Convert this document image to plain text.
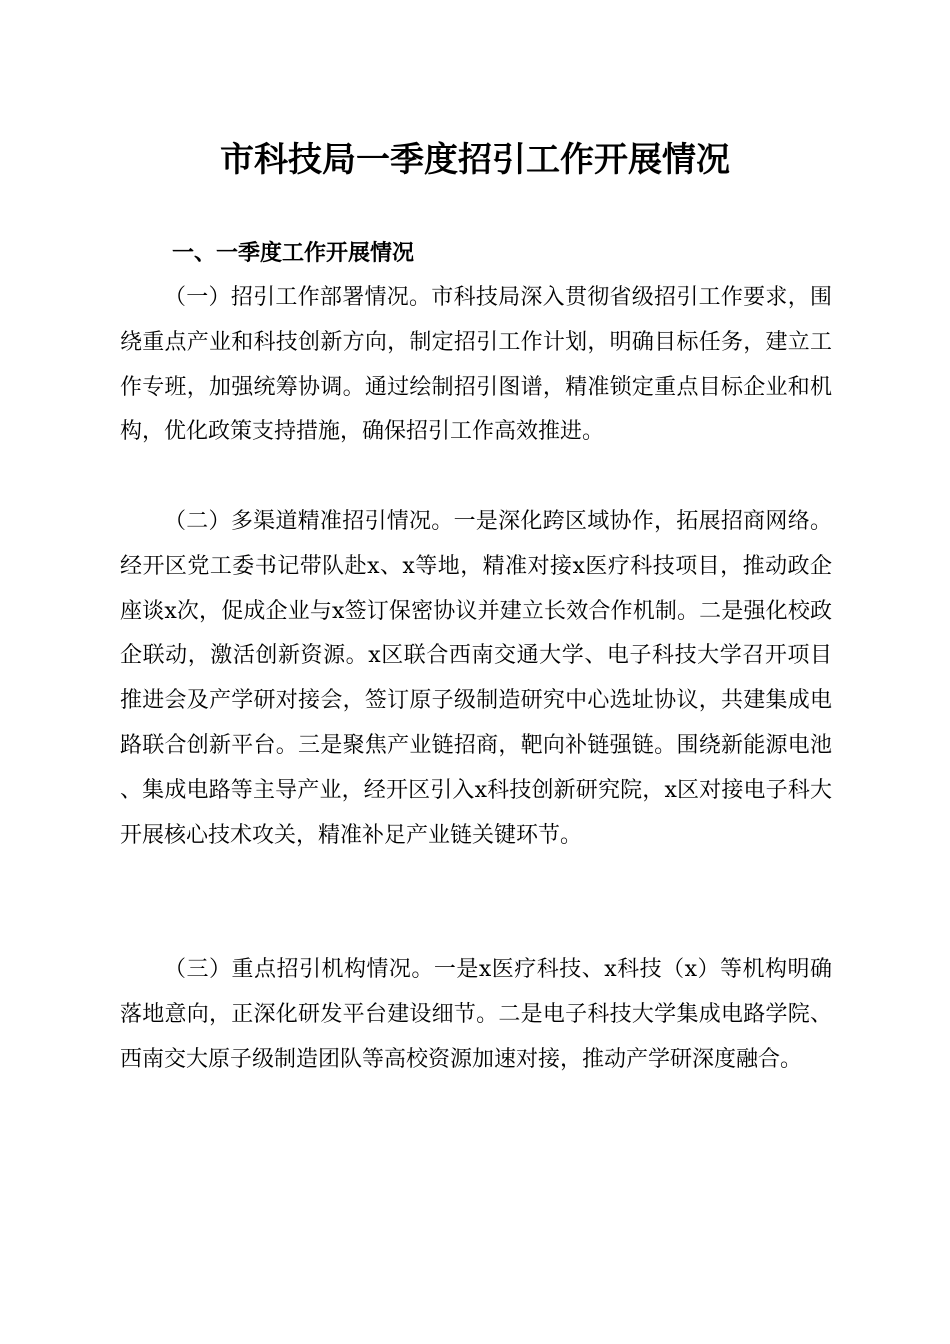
市科技局一季度招引工作开展情况
一、一季度工作开展情况

（一）招引工作部署情况。市科技局深入贯彻省级招引工作要求，围绕重点产业和科技创新方向，制定招引工作计划，明确目标任务，建立工作专班，加强统筹协调。通过绘制招引图谱，精准锁定重点目标企业和机构，优化政策支持措施，确保招引工作高效推进。

（二）多渠道精准招引情况。一是深化跨区域协作，拓展招商网络。经开区党工委书记带队赴x、x等地，精准对接x医疗科技项目，推动政企座谈x次，促成企业与x签订保密协议并建立长效合作机制。二是强化校政企联动，激活创新资源。x区联合西南交通大学、电子科技大学召开项目推进会及产学研对接会，签订原子级制造研究中心选址协议，共建集成电路联合创新平台。三是聚焦产业链招商，靶向补链强链。围绕新能源电池、集成电路等主导产业，经开区引入x科技创新研究院，x区对接电子科大开展核心技术攻关，精准补足产业链关键环节。

（三）重点招引机构情况。一是x医疗科技、x科技（x）等机构明确落地意向，正深化研发平台建设细节。二是电子科技大学集成电路学院、西南交大原子级制造团队等高校资源加速对接，推动产学研深度融合。
